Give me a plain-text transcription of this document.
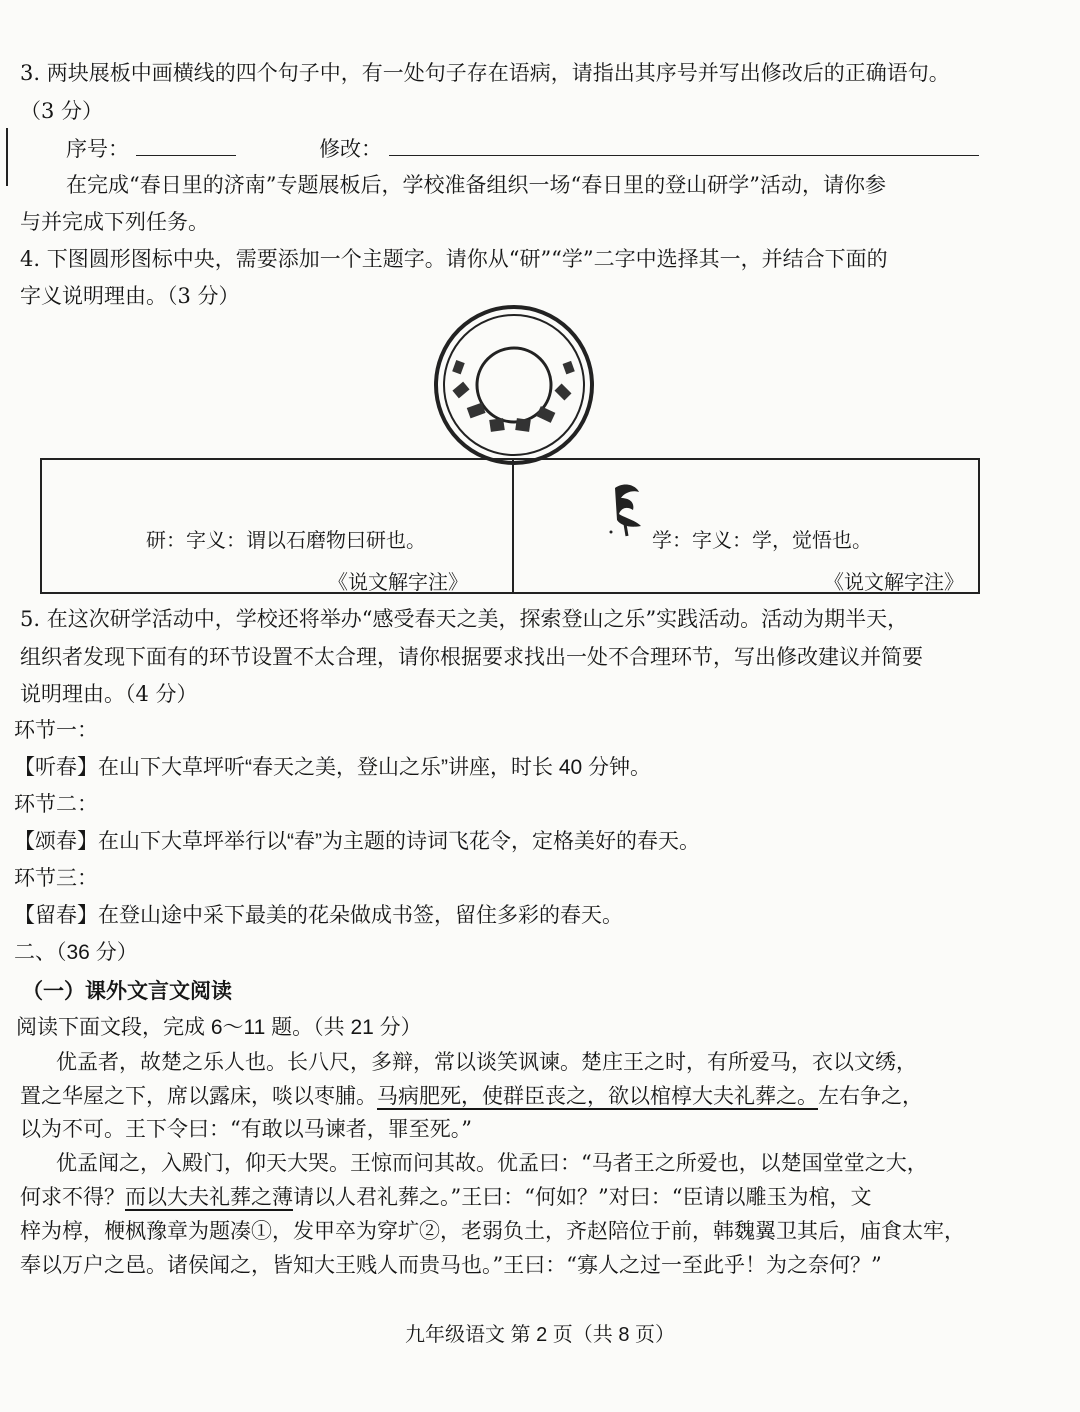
3. 两块展板中画横线的四个句子中，有一处句子存在语病，请指出其序号并写出修改后的正确语句。
（3 分）
序号：	修改：
在完成“春日里的济南”专题展板后，学校准备组织一场“春日里的登山研学”活动，请你参
与并完成下列任务。
4. 下图圆形图标中央，需要添加一个主题字。请你从“研”“学”二字中选择其一，并结合下面的
字义说明理由。（3 分）
春日里的登山研学
研：字义：谓以石磨物曰研也。
《说文解字注》
学：字义：学，觉悟也。
《说文解字注》
5. 在这次研学活动中，学校还将举办“感受春天之美，探索登山之乐”实践活动。活动为期半天，
组织者发现下面有的环节设置不太合理，请你根据要求找出一处不合理环节，写出修改建议并简要
说明理由。（4 分）
环节一：
【听春】在山下大草坪听“春天之美，登山之乐”讲座，时长 40 分钟。
环节二：
【颂春】在山下大草坪举行以“春”为主题的诗词飞花令，定格美好的春天。
环节三：
【留春】在登山途中采下最美的花朵做成书签，留住多彩的春天。
二、（36 分）
（一）课外文言文阅读
阅读下面文段，完成 6～11 题。（共 21 分）
优孟者，故楚之乐人也。长八尺，多辩，常以谈笑讽谏。楚庄王之时，有所爱马，衣以文绣，
置之华屋之下，席以露床，啖以枣脯。马病肥死，使群臣丧之，欲以棺椁大夫礼葬之。左右争之，
以为不可。王下令曰：“有敢以马谏者，罪至死。”
优孟闻之，入殿门，仰天大哭。王惊而问其故。优孟曰：“马者王之所爱也，以楚国堂堂之大，
何求不得？而以大夫礼葬之薄请以人君礼葬之。”王曰：“何如？”对曰：“臣请以雕玉为棺，文
梓为椁，楩枫豫章为题凑①，发甲卒为穿圹②，老弱负土，齐赵陪位于前，韩魏翼卫其后，庙食太牢，
奉以万户之邑。诸侯闻之，皆知大王贱人而贵马也。”王曰：“寡人之过一至此乎！为之奈何？”
九年级语文 第 2 页（共 8 页）
